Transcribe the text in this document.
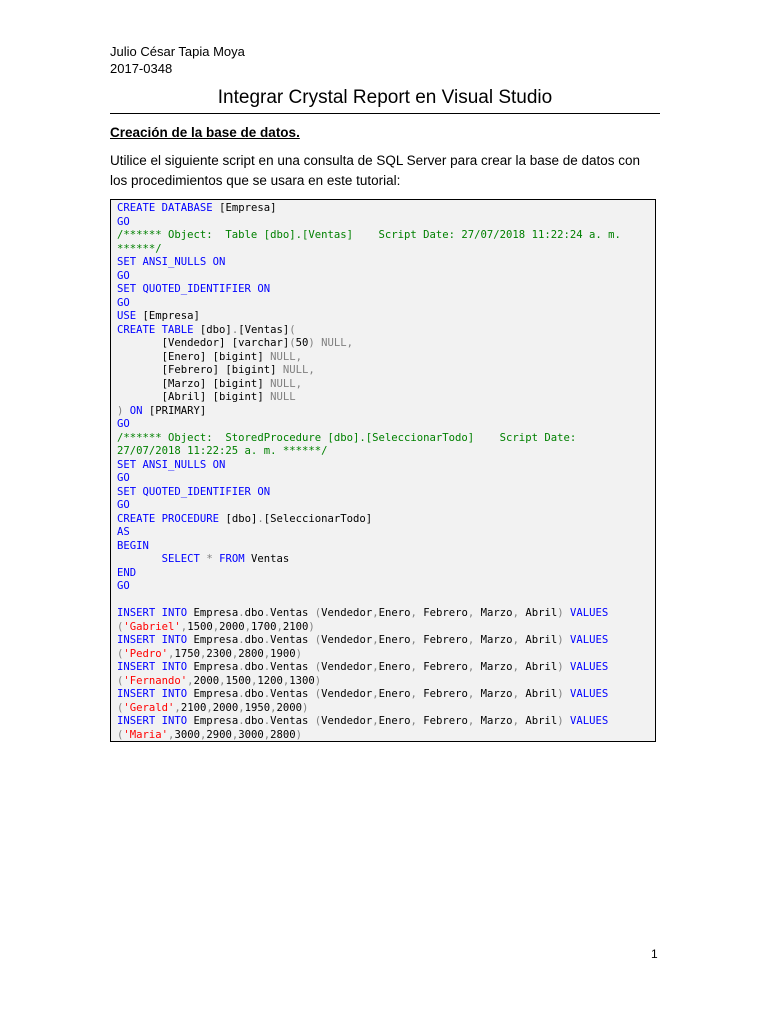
Julio César Tapia Moya
2017-0348
Integrar Crystal Report en Visual Studio
Creación de la base de datos.
Utilice el siguiente script en una consulta de SQL Server para crear la base de datos con
los procedimientos que se usara en este tutorial:
CREATE DATABASE [Empresa]
GO
/****** Object:  Table [dbo].[Ventas]    Script Date: 27/07/2018 11:22:24 a. m.
******/
SET ANSI_NULLS ON
GO
SET QUOTED_IDENTIFIER ON
GO
USE [Empresa]
CREATE TABLE [dbo].[Ventas](
[Vendedor] [varchar](50) NULL,
[Enero] [bigint] NULL,
[Febrero] [bigint] NULL,
[Marzo] [bigint] NULL,
[Abril] [bigint] NULL
) ON [PRIMARY]
GO
/****** Object:  StoredProcedure [dbo].[SeleccionarTodo]    Script Date:
27/07/2018 11:22:25 a. m. ******/
SET ANSI_NULLS ON
GO
SET QUOTED_IDENTIFIER ON
GO
CREATE PROCEDURE [dbo].[SeleccionarTodo]
AS
BEGIN
SELECT * FROM Ventas
END
GO

INSERT INTO Empresa.dbo.Ventas (Vendedor,Enero, Febrero, Marzo, Abril) VALUES
('Gabriel',1500,2000,1700,2100)
INSERT INTO Empresa.dbo.Ventas (Vendedor,Enero, Febrero, Marzo, Abril) VALUES
('Pedro',1750,2300,2800,1900)
INSERT INTO Empresa.dbo.Ventas (Vendedor,Enero, Febrero, Marzo, Abril) VALUES
('Fernando',2000,1500,1200,1300)
INSERT INTO Empresa.dbo.Ventas (Vendedor,Enero, Febrero, Marzo, Abril) VALUES
('Gerald',2100,2000,1950,2000)
INSERT INTO Empresa.dbo.Ventas (Vendedor,Enero, Febrero, Marzo, Abril) VALUES
('Maria',3000,2900,3000,2800)
1
